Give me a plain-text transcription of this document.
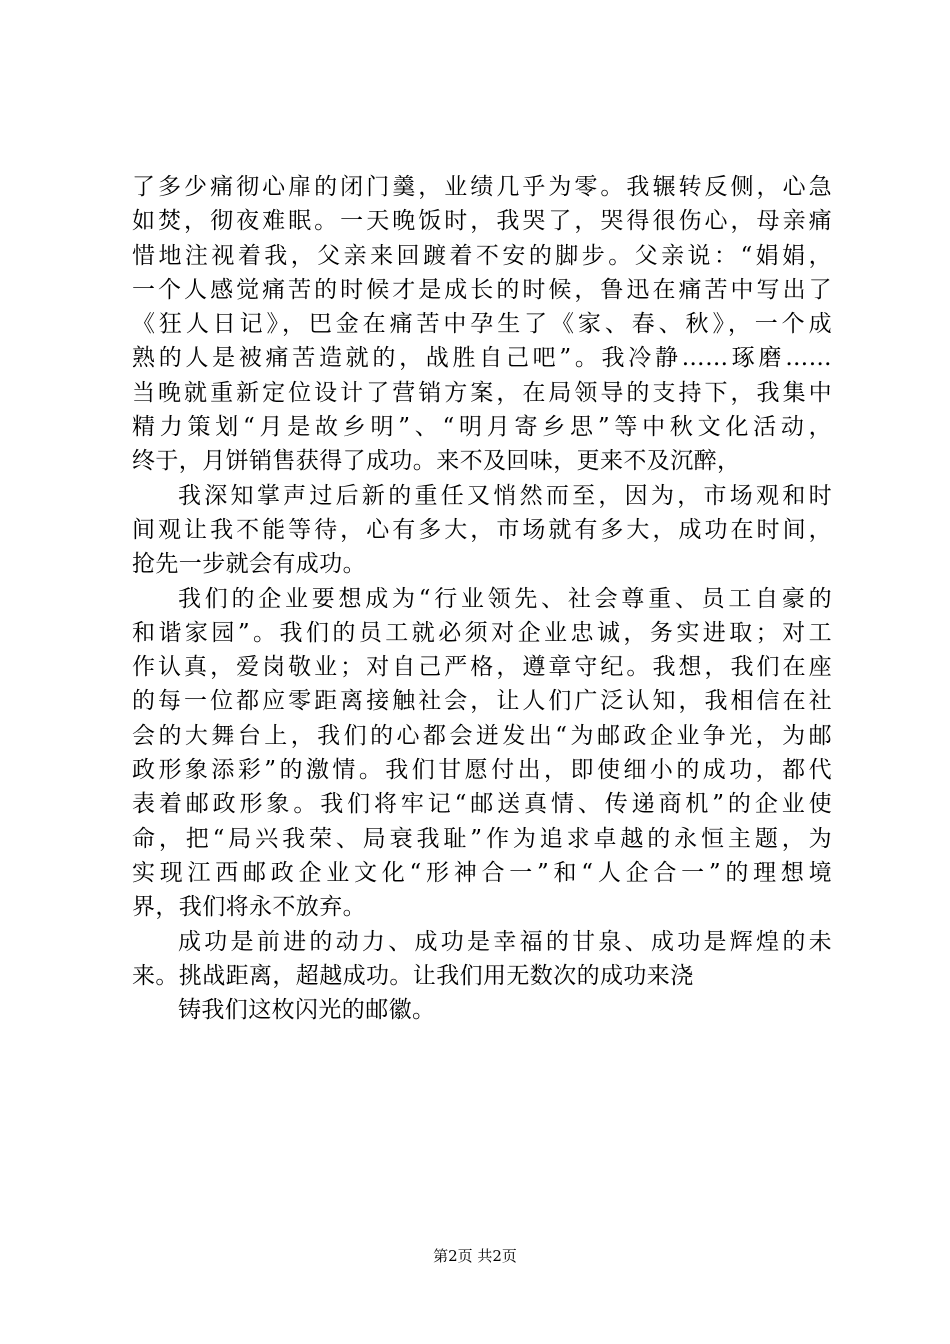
了多少痛彻心扉的闭门羹，业绩几乎为零。我辗转反侧，心急
如焚，彻夜难眠。一天晚饭时，我哭了，哭得很伤心，母亲痛
惜地注视着我，父亲来回踱着不安的脚步。父亲说：“娟娟，
一个人感觉痛苦的时候才是成长的时候，鲁迅在痛苦中写出了
《狂人日记》，巴金在痛苦中孕生了《家、春、秋》，一个成
熟的人是被痛苦造就的，战胜自己吧”。我冷静……琢磨……
当晚就重新定位设计了营销方案，在局领导的支持下，我集中
精力策划“月是故乡明”、“明月寄乡思”等中秋文化活动，
终于，月饼销售获得了成功。来不及回味，更来不及沉醉，

我深知掌声过后新的重任又悄然而至，因为，市场观和时
间观让我不能等待，心有多大，市场就有多大，成功在时间，
抢先一步就会有成功。

我们的企业要想成为“行业领先、社会尊重、员工自豪的
和谐家园”。我们的员工就必须对企业忠诚，务实进取；对工
作认真，爱岗敬业；对自己严格，遵章守纪。我想，我们在座
的每一位都应零距离接触社会，让人们广泛认知，我相信在社
会的大舞台上，我们的心都会迸发出“为邮政企业争光，为邮
政形象添彩”的激情。我们甘愿付出，即使细小的成功，都代
表着邮政形象。我们将牢记“邮送真情、传递商机”的企业使
命，把“局兴我荣、局衰我耻”作为追求卓越的永恒主题，为
实现江西邮政企业文化“形神合一”和“人企合一”的理想境
界，我们将永不放弃。

成功是前进的动力、成功是幸福的甘泉、成功是辉煌的未
来。挑战距离，超越成功。让我们用无数次的成功来浇

铸我们这枚闪光的邮徽。

第2页 共2页
